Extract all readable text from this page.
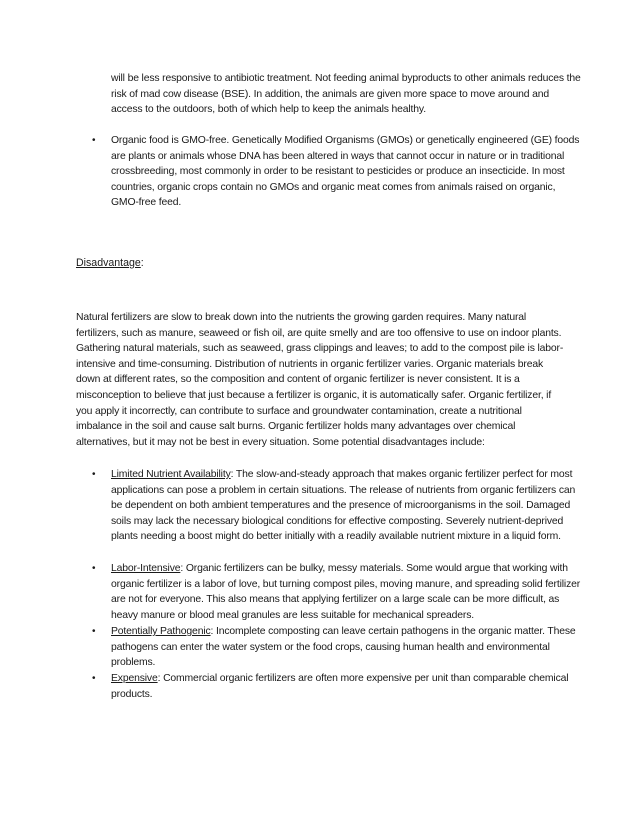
will be less responsive to antibiotic treatment. Not feeding animal byproducts to other animals reduces the risk of mad cow disease (BSE). In addition, the animals are given more space to move around and access to the outdoors, both of which help to keep the animals healthy.
•	Organic food is GMO-free. Genetically Modified Organisms (GMOs) or genetically engineered (GE) foods are plants or animals whose DNA has been altered in ways that cannot occur in nature or in traditional crossbreeding, most commonly in order to be resistant to pesticides or produce an insecticide. In most countries, organic crops contain no GMOs and organic meat comes from animals raised on organic, GMO-free feed.
Disadvantage:
Natural fertilizers are slow to break down into the nutrients the growing garden requires. Many natural fertilizers, such as manure, seaweed or fish oil, are quite smelly and are too offensive to use on indoor plants. Gathering natural materials, such as seaweed, grass clippings and leaves; to add to the compost pile is labor-intensive and time-consuming. Distribution of nutrients in organic fertilizer varies. Organic materials break down at different rates, so the composition and content of organic fertilizer is never consistent. It is a misconception to believe that just because a fertilizer is organic, it is automatically safer. Organic fertilizer, if you apply it incorrectly, can contribute to surface and groundwater contamination, create a nutritional imbalance in the soil and cause salt burns. Organic fertilizer holds many advantages over chemical alternatives, but it may not be best in every situation. Some potential disadvantages include:
•	Limited Nutrient Availability: The slow-and-steady approach that makes organic fertilizer perfect for most applications can pose a problem in certain situations. The release of nutrients from organic fertilizers can be dependent on both ambient temperatures and the presence of microorganisms in the soil. Damaged soils may lack the necessary biological conditions for effective composting. Severely nutrient-deprived plants needing a boost might do better initially with a readily available nutrient mixture in a liquid form.
•	Labor-Intensive: Organic fertilizers can be bulky, messy materials. Some would argue that working with organic fertilizer is a labor of love, but turning compost piles, moving manure, and spreading solid fertilizer are not for everyone. This also means that applying fertilizer on a large scale can be more difficult, as heavy manure or blood meal granules are less suitable for mechanical spreaders.
•	Potentially Pathogenic: Incomplete composting can leave certain pathogens in the organic matter. These pathogens can enter the water system or the food crops, causing human health and environmental problems.
•	Expensive: Commercial organic fertilizers are often more expensive per unit than comparable chemical products.
